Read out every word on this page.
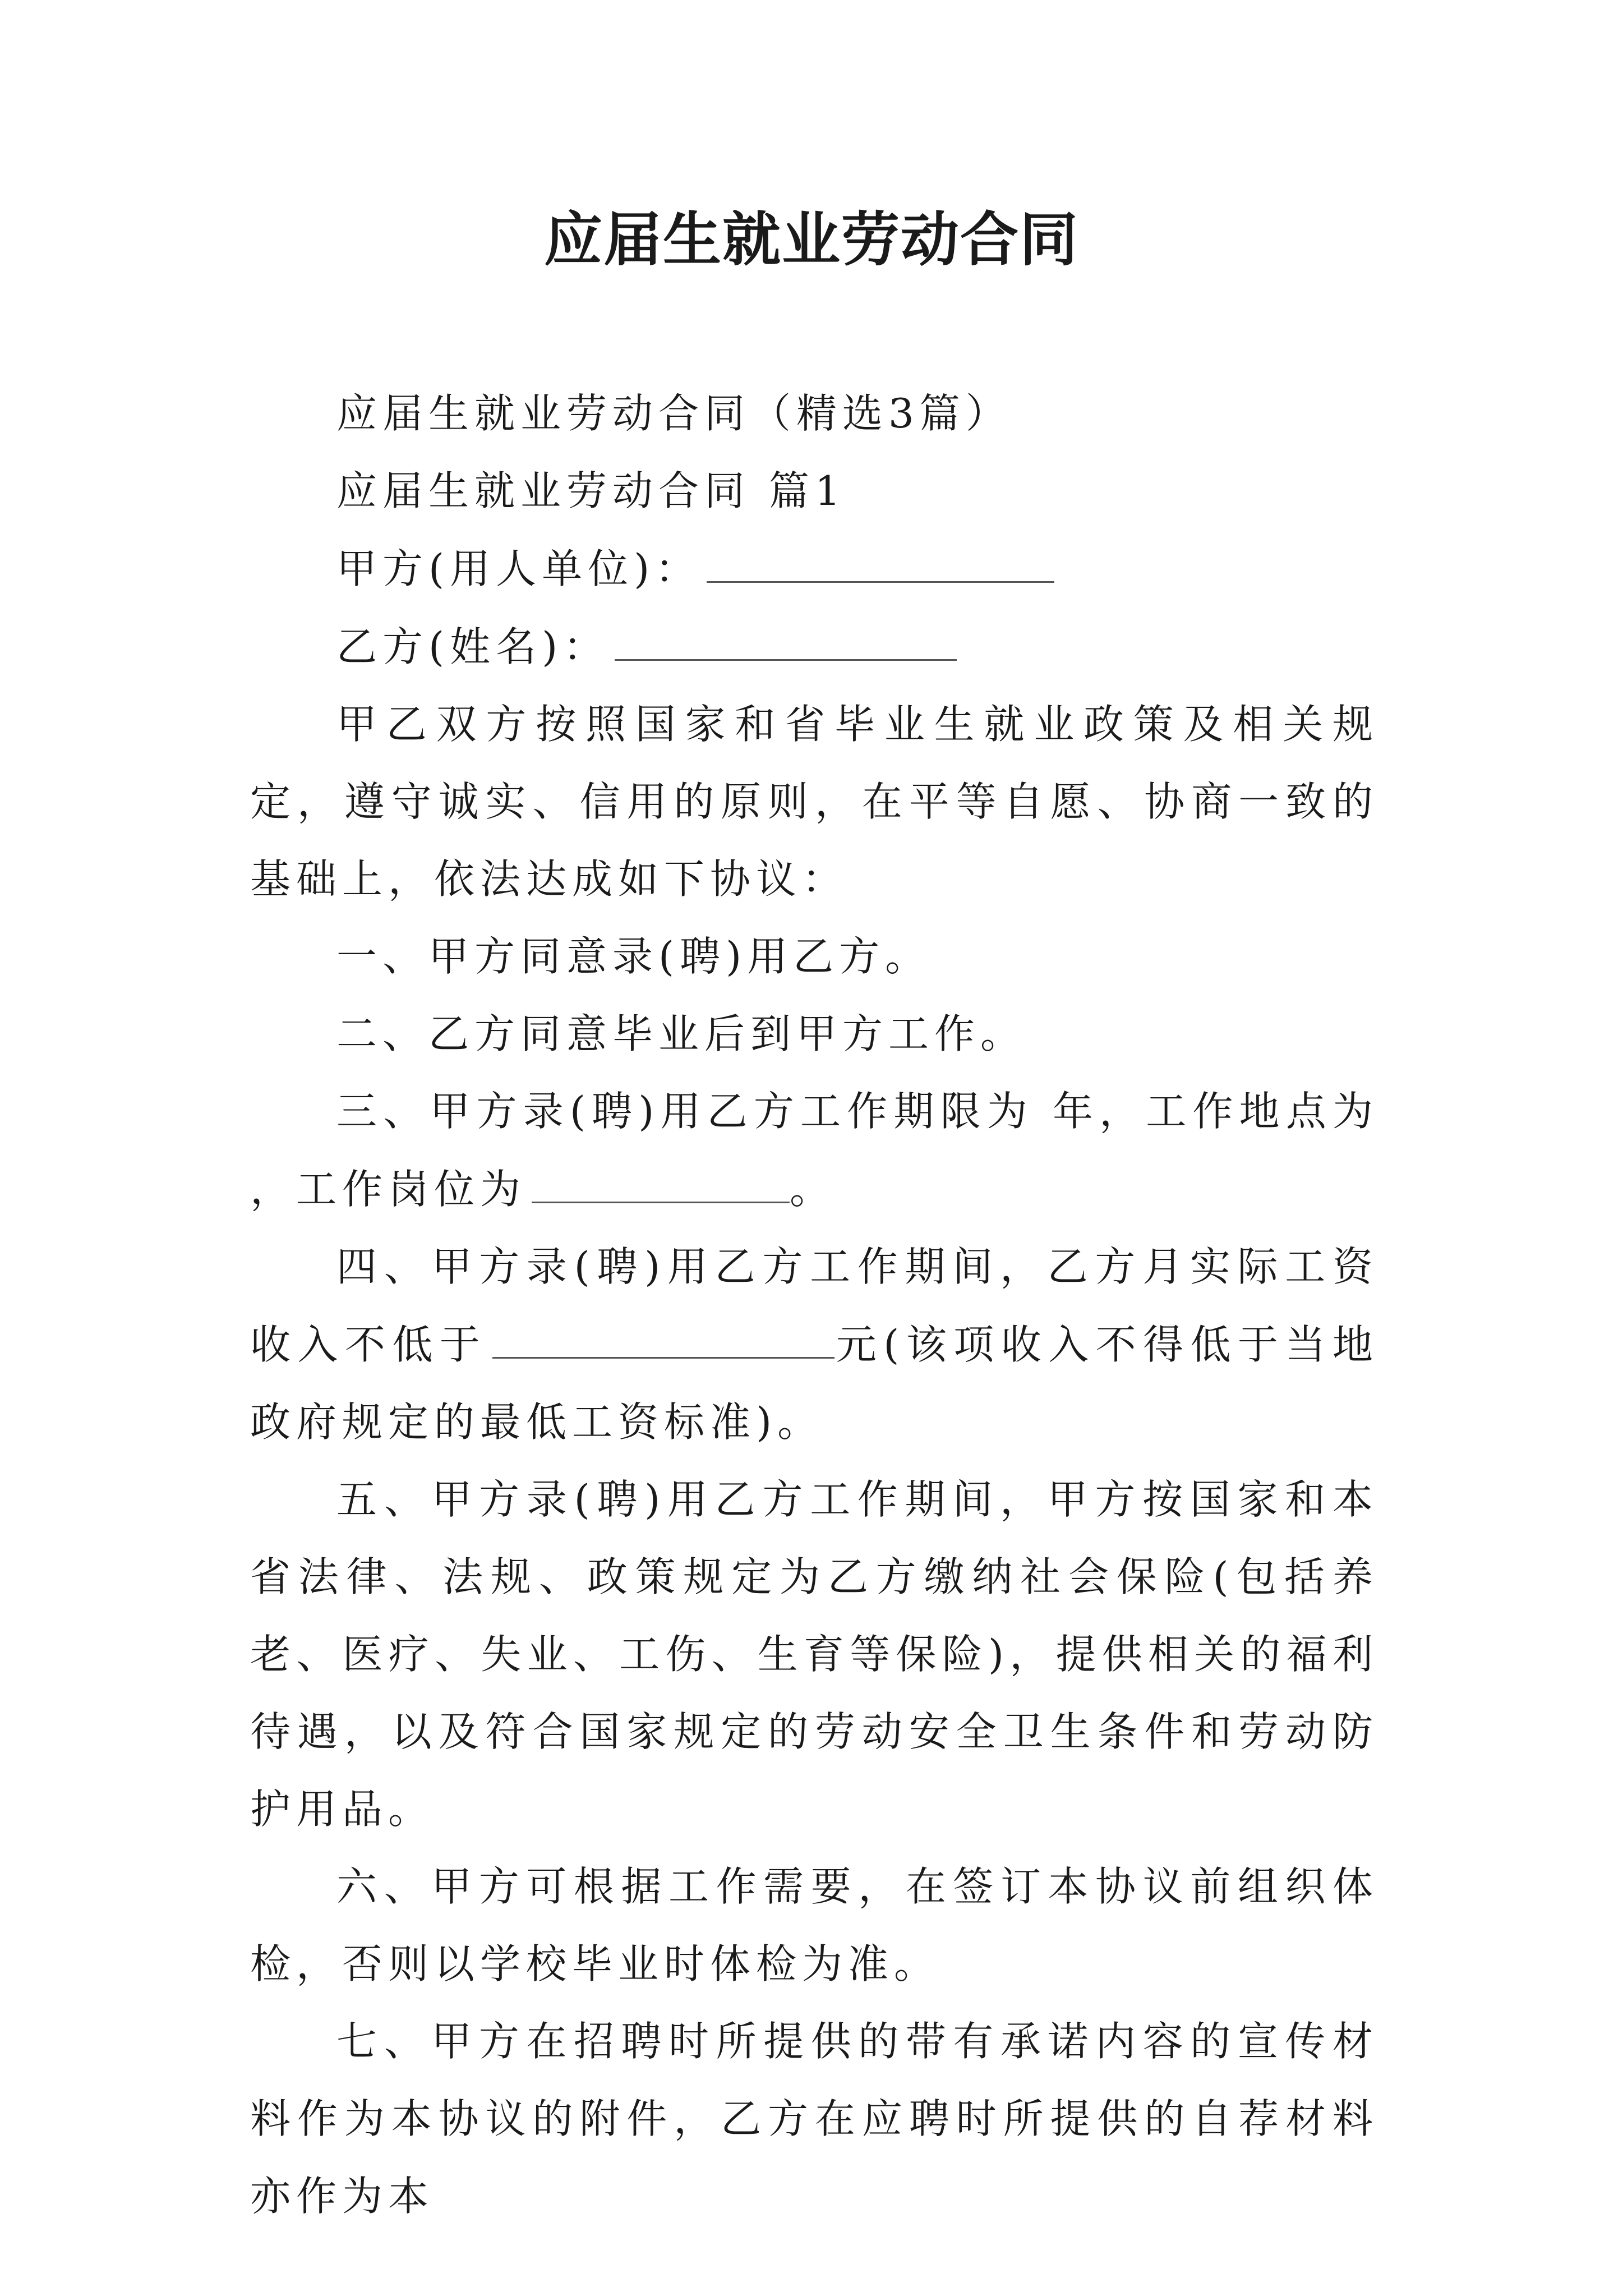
应届生就业劳动合同

应届生就业劳动合同（精选3篇）

应届生就业劳动合同 篇1

甲方(用人单位)：

乙方(姓名)：

甲乙双方按照国家和省毕业生就业政策及相关规定，遵守诚实、信用的原则，在平等自愿、协商一致的基础上，依法达成如下协议：

一、甲方同意录(聘)用乙方。

二、乙方同意毕业后到甲方工作。

三、甲方录(聘)用乙方工作期限为 年，工作地点为 ，工作岗位为	。

四、甲方录(聘)用乙方工作期间，乙方月实际工资收入不低于	元(该项收入不得低于当地政府规定的最低工资标准)。

五、甲方录(聘)用乙方工作期间，甲方按国家和本省法律、法规、政策规定为乙方缴纳社会保险(包括养老、医疗、失业、工伤、生育等保险)，提供相关的福利待遇，以及符合国家规定的劳动安全卫生条件和劳动防护用品。

六、甲方可根据工作需要，在签订本协议前组织体检，否则以学校毕业时体检为准。

七、甲方在招聘时所提供的带有承诺内容的宣传材料作为本协议的附件，乙方在应聘时所提供的自荐材料亦作为本
